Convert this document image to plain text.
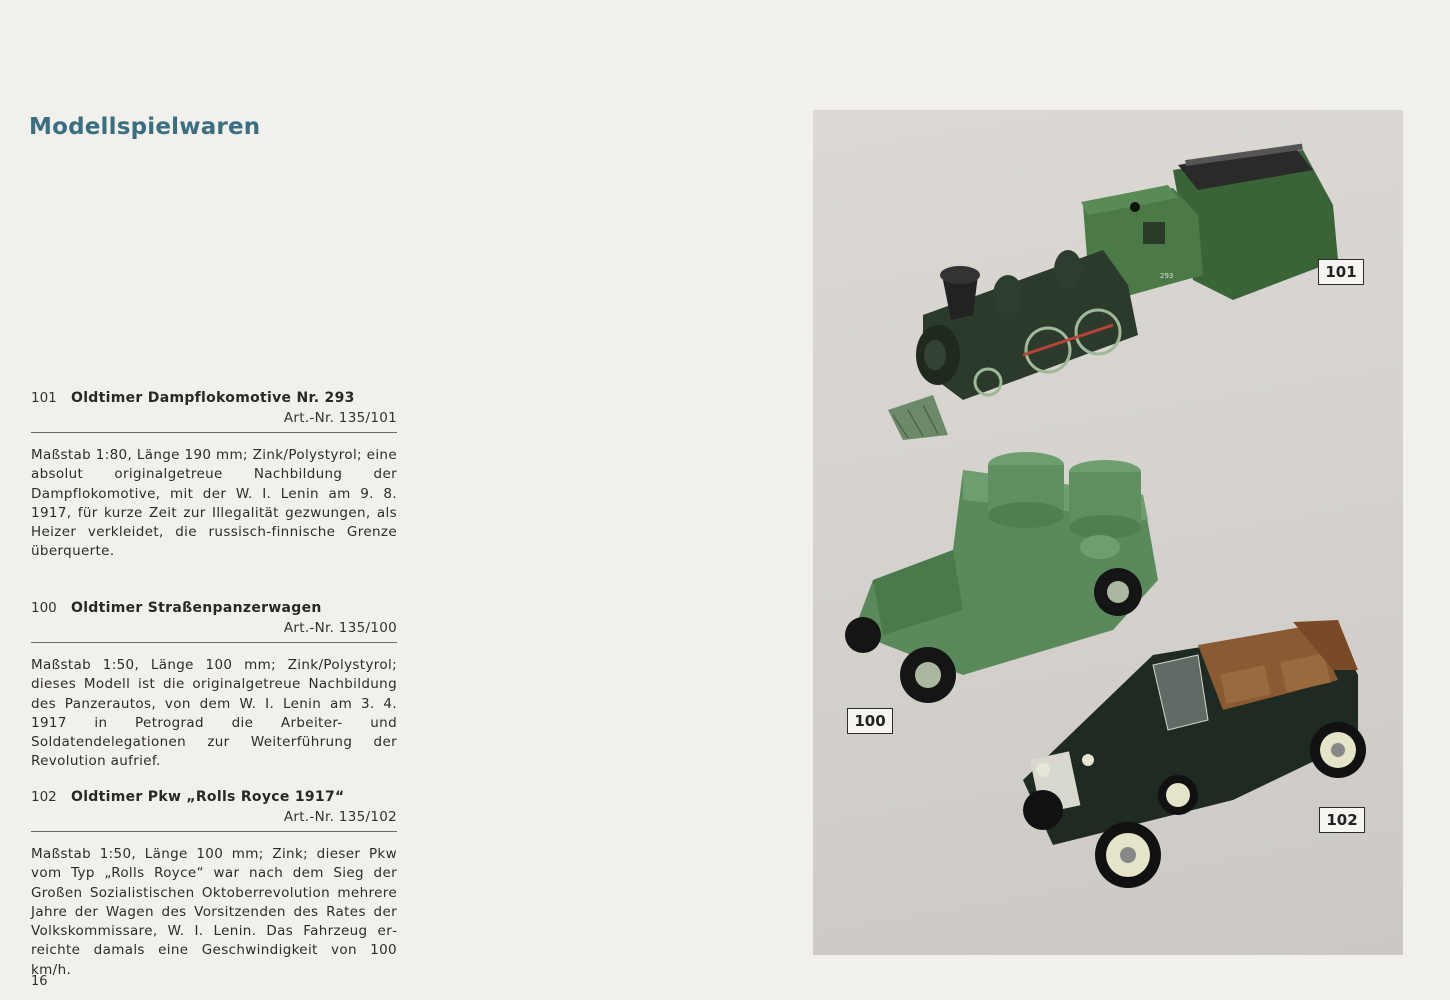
Modellspielwaren
101 Oldtimer Dampflokomotive Nr. 293
Art.-Nr. 135/101

Maßstab 1:80, Länge 190 mm; Zink/Polystyrol; eine absolut originalgetreue Nachbildung der Dampflokomotive, mit der W. I. Lenin am 9. 8. 1917, für kurze Zeit zur Illegalität gezwungen, als Heizer verkleidet, die russisch-finnische Grenze überquerte.

100 Oldtimer Straßenpanzerwagen
Art.-Nr. 135/100

Maßstab 1:50, Länge 100 mm; Zink/Polystyrol; dieses Modell ist die originalgetreue Nachbildung des Panzerautos, von dem W. I. Lenin am 3. 4. 1917 in Petrograd die Arbeiter- und Soldatendelegationen zur Weiterführung der Revolution aufrief.

102 Oldtimer Pkw „Rolls Royce 1917“
Art.-Nr. 135/102

Maßstab 1:50, Länge 100 mm; Zink; dieser Pkw vom Typ „Rolls Royce“ war nach dem Sieg der Großen Sozialistischen Oktoberrevolution mehrere Jahre der Wagen des Vorsitzenden des Rates der Volkskommissare, W. I. Lenin. Das Fahrzeug erreichte damals eine Geschwindigkeit von 100 km/h.

16
293	101
100
102
